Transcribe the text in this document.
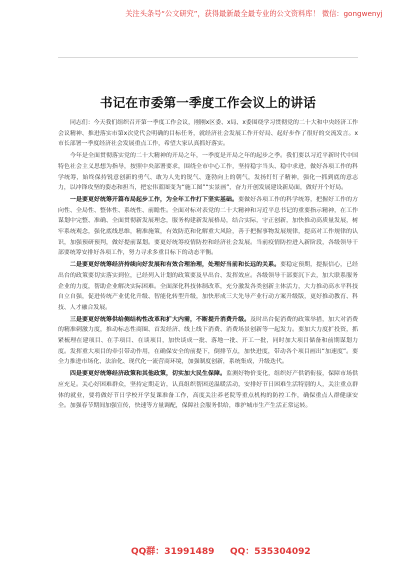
关注头条号“公文研究”，获得最新最全最专业的公文资料库！ 微信：gongwenyj
书记在市委第一季度工作会议上的讲话

同志们：今天我们组织召开第一季度工作会议，刚刚x区委、x局、x委围绕学习贯彻党的二十大和中央经济工作会议精神、推进落实市第x次党代会明确的目标任务，就经济社会发展工作开好局、起好步作了很好的交流发言。x市长部署一季度经济社会发展重点工作，希望大家认真抓好落实。

今年是全面贯彻落实党的二十大精神的开局之年，一季度是开局之年的起步之季。我们要以习近平新时代中国特色社会主义思想为指导，按照中央部署要求，围绕全市中心工作，坚持稳字当头、稳中求进，做好各项工作的科学统筹，始终保持锐意创新的勇气、敢为人先的锐气、蓬勃向上的朝气，发扬钉钉子精神，强化一抓到底的意志力，以冲锋攻坚的姿态和担当，把宏伟蓝图变为“施工图”“实景画”，奋力开创发展建设新局面，做好开个好局。

一是要更好统筹开篇布局起步工作，为全年工作打下坚实基础。要做好各项工作的科学统筹，把握好工作的方向性、全局性、整体性、系统性、前瞻性。全面对标对表党的二十大精神和习近平总书记的重要指示精神，在工作谋划中完整、准确、全面贯彻新发展理念，服务构建新发展格局，结合实际，守正创新，加快推动高质量发展，树牢系统观念，强化底线思维，精准施策，有效防范和化解重大风险，善于把握事物发展规律，提高对工作规律的认识，加强预研预判，做好提前谋划。要更好统筹疫情防控和经济社会发展。当前疫情防控进入新阶段，各级领导干部要统筹安排好各项工作，努力寻求多重目标下的动态平衡。

二是要更好统筹经济持续向好发展和有效合理治理，处理好当前和长远的关系。要稳定预期，提振信心，已经出台的政策要切实落实到位，已经列入计划的政策要及早出台、发挥效应。各级领导干部要沉下去，加大联系服务企业的力度，帮助企业解决实际困难。全面深化科技体制改革，充分激发各类创新主体活力，大力推动高水平科技自立自强，促进传统产业优化升级、智能化转型升级，加快形成三大先导产业行动方案升级版，更好推动教育、科技、人才融合发展。

三是要更好统筹供给侧结构性改革和扩大内需，不断提升消费升级。及时出台促消费的政策举措，加大对消费的精准刺激力度，推动标志性商圈、首发经济、线上线下消费、消费场景创新等一起发力。要加大力度扩投资，抓紧梳理在建项目、在手项目、在谈项目，加快谈成一批、落地一批、开工一批，同时加大项目储备和前期谋划力度。发挥重大项目的牵引带动作用，在确保安全的前提下，倒排节点，加快进度，带动各个项目画出“加速度”。要全力推进市场化、法治化、现代化一流营商环境，加强制度创新，系统集成，升级迭代。

四是要更好统筹经济政策和其他政策，切实加大民生保障。监测好物价变化，组织好产供销衔接，保障市场供应充足。关心好困难群众，坚持定期走访，认真组织帮困送温暖活动，安排好节日困难生活特别的人，关注重点群体的就业，要将做好节日学校开学复课准备工作，高度关注养老院等重点机构的防控工作，确保重点人群健康安全。加强春节期间加强宣传，快速等方量调配，保障社会服务供给，维护城市生产生活正常运转。

QQ群：31991489 QQ：535304092
